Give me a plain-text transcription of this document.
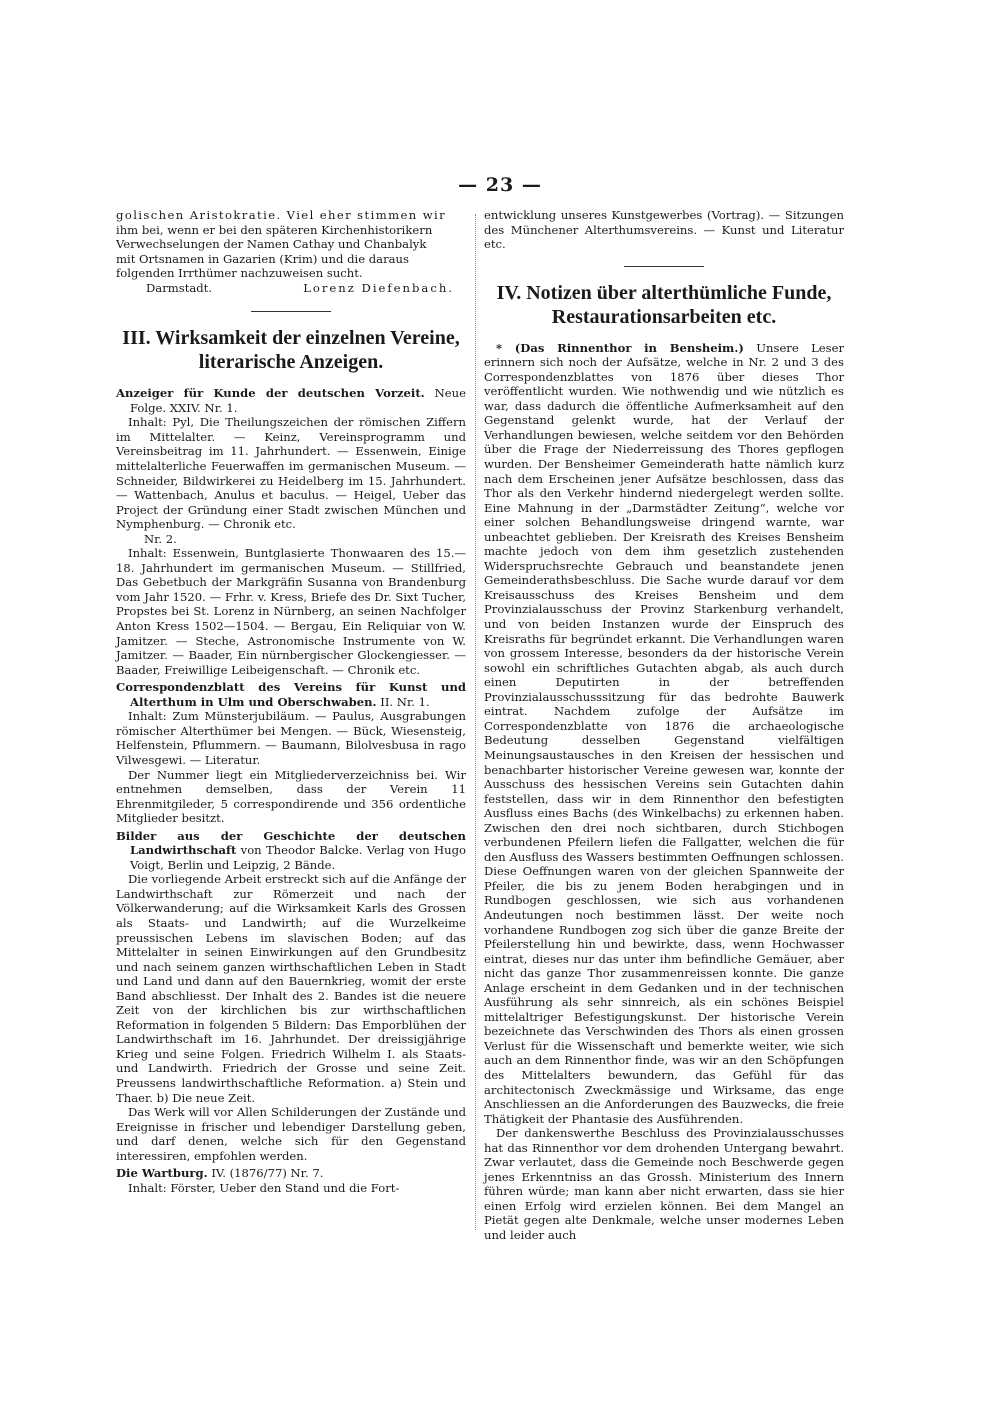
— 23 —

golischen Aristokratie. Viel eher stimmen wir

ihm bei, wenn er bei den späteren Kirchenhistorikern

Verwechselungen der Namen Cathay und Chanbalyk

mit Ortsnamen in Gazarien (Krim) und die daraus

folgenden Irrthümer nachzuweisen sucht.

Darmstadt.	Lorenz Diefenbach.
III. Wirksamkeit der einzelnen Vereine, literarische Anzeigen.

Anzeiger für Kunde der deutschen Vorzeit. Neue Folge. XXIV. Nr. 1.

Inhalt: Pyl, Die Theilungszeichen der römischen Ziffern im Mittelalter. — Keinz, Vereinsprogramm und Vereinsbeitrag im 11. Jahrhundert. — Essenwein, Einige mittelalterliche Feuerwaffen im germanischen Museum. — Schneider, Bildwirkerei zu Heidelberg im 15. Jahrhundert. — Wattenbach, Anulus et baculus. — Heigel, Ueber das Project der Gründung einer Stadt zwischen München und Nymphenburg. — Chronik etc.

Nr. 2.

Inhalt: Essenwein, Buntglasierte Thonwaaren des 15.—18. Jahrhundert im germanischen Museum. — Stillfried, Das Gebetbuch der Markgräfin Susanna von Brandenburg vom Jahr 1520. — Frhr. v. Kress, Briefe des Dr. Sixt Tucher, Propstes bei St. Lorenz in Nürnberg, an seinen Nachfolger Anton Kress 1502—1504. — Bergau, Ein Reliquiar von W. Jamitzer. — Steche, Astronomische Instrumente von W. Jamitzer. — Baader, Ein nürnbergischer Glockengiesser. — Baader, Freiwillige Leibeigenschaft. — Chronik etc.

Correspondenzblatt des Vereins für Kunst und Alterthum in Ulm und Oberschwaben. II. Nr. 1.

Inhalt: Zum Münsterjubiläum. — Paulus, Ausgrabungen römischer Alterthümer bei Mengen. — Bück, Wiesensteig, Helfenstein, Pflummern. — Baumann, Bilolvesbusa in rago Vilwesgewi. — Literatur.

Der Nummer liegt ein Mitgliederverzeichniss bei. Wir entnehmen demselben, dass der Verein 11 Ehrenmitgileder, 5 correspondirende und 356 ordentliche Mitglieder besitzt.

Bilder aus der Geschichte der deutschen Landwirthschaft von Theodor Balcke. Verlag von Hugo Voigt, Berlin und Leipzig, 2 Bände.

Die vorliegende Arbeit erstreckt sich auf die Anfänge der Landwirthschaft zur Römerzeit und nach der Völkerwanderung; auf die Wirksamkeit Karls des Grossen als Staats- und Landwirth; auf die Wurzelkeime preussischen Lebens im slavischen Boden; auf das Mittelalter in seinen Einwirkungen auf den Grundbesitz und nach seinem ganzen wirthschaftlichen Leben in Stadt und Land und dann auf den Bauernkrieg, womit der erste Band abschliesst. Der Inhalt des 2. Bandes ist die neuere Zeit von der kirchlichen bis zur wirthschaftlichen Reformation in folgenden 5 Bildern: Das Emporblühen der Landwirthschaft im 16. Jahrhundet. Der dreissigjährige Krieg und seine Folgen. Friedrich Wilhelm I. als Staats- und Landwirth. Friedrich der Grosse und seine Zeit. Preussens landwirthschaftliche Reformation. a) Stein und Thaer. b) Die neue Zeit.

Das Werk will vor Allen Schilderungen der Zustände und Ereignisse in frischer und lebendiger Darstellung geben, und darf denen, welche sich für den Gegenstand interessiren, empfohlen werden.

Die Wartburg. IV. (1876/77) Nr. 7.

Inhalt: Förster, Ueber den Stand und die Fort-

entwicklung unseres Kunstgewerbes (Vortrag). — Sitzungen des Münchener Alterthumsvereins. — Kunst und Literatur etc.

IV. Notizen über alterthümliche Funde, Restaurationsarbeiten etc.

* (Das Rinnenthor in Bensheim.) Unsere Leser erinnern sich noch der Aufsätze, welche in Nr. 2 und 3 des Correspondenzblattes von 1876 über dieses Thor veröffentlicht wurden. Wie nothwendig und wie nützlich es war, dass dadurch die öffentliche Aufmerksamheit auf den Gegenstand gelenkt wurde, hat der Verlauf der Verhandlungen bewiesen, welche seitdem vor den Behörden über die Frage der Niederreissung des Thores gepflogen wurden. Der Bensheimer Gemeinderath hatte nämlich kurz nach dem Erscheinen jener Aufsätze beschlossen, dass das Thor als den Verkehr hindernd niedergelegt werden sollte. Eine Mahnung in der „Darmstädter Zeitung“, welche vor einer solchen Behandlungsweise dringend warnte, war unbeachtet geblieben. Der Kreisrath des Kreises Bensheim machte jedoch von dem ihm gesetzlich zustehenden Widerspruchsrechte Gebrauch und beanstandete jenen Gemeinderathsbeschluss. Die Sache wurde darauf vor dem Kreisausschuss des Kreises Bensheim und dem Provinzialausschuss der Provinz Starkenburg verhandelt, und von beiden Instanzen wurde der Einspruch des Kreisraths für begründet erkannt. Die Verhandlungen waren von grossem Interesse, besonders da der historische Verein sowohl ein schriftliches Gutachten abgab, als auch durch einen Deputirten in der betreffenden Provinzialausschusssitzung für das bedrohte Bauwerk eintrat. Nachdem zufolge der Aufsätze im Correspondenzblatte von 1876 die archaeologische Bedeutung desselben Gegenstand vielfältigen Meinungsaustausches in den Kreisen der hessischen und benachbarter historischer Vereine gewesen war, konnte der Ausschuss des hessischen Vereins sein Gutachten dahin feststellen, dass wir in dem Rinnenthor den befestigten Ausfluss eines Bachs (des Winkelbachs) zu erkennen haben. Zwischen den drei noch sichtbaren, durch Stichbogen verbundenen Pfeilern liefen die Fallgatter, welchen die für den Ausfluss des Wassers bestimmten Oeffnungen schlossen. Diese Oeffnungen waren von der gleichen Spannweite der Pfeiler, die bis zu jenem Boden herabgingen und in Rundbogen geschlossen, wie sich aus vorhandenen Andeutungen noch bestimmen lässt. Der weite noch vorhandene Rundbogen zog sich über die ganze Breite der Pfeilerstellung hin und bewirkte, dass, wenn Hochwasser eintrat, dieses nur das unter ihm befindliche Gemäuer, aber nicht das ganze Thor zusammenreissen konnte. Die ganze Anlage erscheint in dem Gedanken und in der technischen Ausführung als sehr sinnreich, als ein schönes Beispiel mittelaltriger Befestigungskunst. Der historische Verein bezeichnete das Verschwinden des Thors als einen grossen Verlust für die Wissenschaft und bemerkte weiter, wie sich auch an dem Rinnenthor finde, was wir an den Schöpfungen des Mittelalters bewundern, das Gefühl für das architectonisch Zweckmässige und Wirksame, das enge Anschliessen an die Anforderungen des Bauzwecks, die freie Thätigkeit der Phantasie des Ausführenden.

Der dankenswerthe Beschluss des Provinzialausschusses hat das Rinnenthor vor dem drohenden Untergang bewahrt. Zwar verlautet, dass die Gemeinde noch Beschwerde gegen jenes Erkenntniss an das Grossh. Ministerium des Innern führen würde; man kann aber nicht erwarten, dass sie hier einen Erfolg wird erzielen können. Bei dem Mangel an Pietät gegen alte Denkmale, welche unser modernes Leben und leider auch
